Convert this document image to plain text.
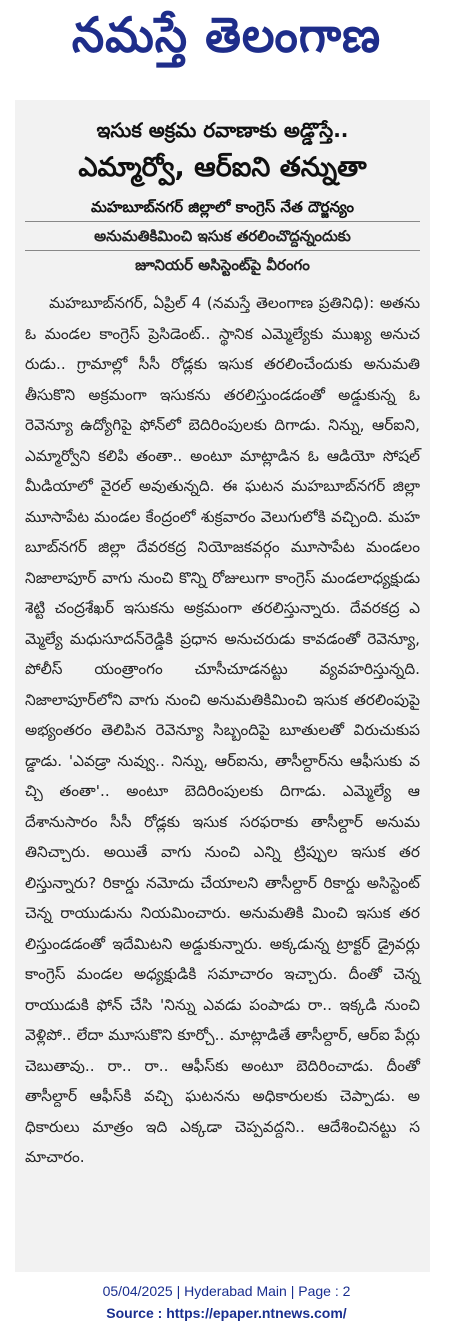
నమస్తే తెలంగాణ
ఇసుక అక్రమ రవాణాకు అడ్డొస్తే..
ఎమ్మార్వో, ఆర్ఐని తన్నుతా
మహబూబ్‌నగర్ జిల్లాలో కాంగ్రెస్ నేత దౌర్జన్యం
అనుమతికిమించి ఇసుక తరలించొద్దన్నందుకు
జూనియర్ అసిస్టెంట్‌పై వీరంగం
మహబూబ్‌నగర్, ఏప్రిల్ 4 (నమస్తే తెలంగాణ ప్రతినిధి): అతను ఓ మండల కాంగ్రెస్ ప్రెసిడెంట్.. స్థానిక ఎమ్మెల్యేకు ముఖ్య అనుచరుడు.. గ్రామాల్లో సీసీ రోడ్లకు ఇసుక తరలించేందుకు అనుమతి తీసుకొని అక్రమంగా ఇసుకను తరలిస్తుండడంతో అడ్డుకున్న ఓ రెవెన్యూ ఉద్యోగిపై ఫోన్‌లో బెదిరింపులకు దిగాడు. నిన్ను, ఆర్ఐని, ఎమ్మార్వోని కలిపి తంతా.. అంటూ మాట్లాడిన ఓ ఆడియో సోషల్ మీడియాలో వైరల్ అవుతున్నది. ఈ ఘటన మహబూబ్‌నగర్ జిల్లా మూసాపేట మండల కేంద్రంలో శుక్రవారం వెలుగులోకి వచ్చింది. మహబూబ్‌నగర్ జిల్లా దేవరకద్ర నియోజకవర్గం మూసాపేట మండలం నిజాలాపూర్ వాగు నుంచి కొన్ని రోజులుగా కాంగ్రెస్ మండలాధ్యక్షుడు శెట్టి చంద్రశేఖర్ ఇసుకను అక్రమంగా తరలిస్తున్నారు. దేవరకద్ర ఎమ్మెల్యే మధుసూదన్‌రెడ్డికి ప్రధాన అనుచరుడు కావడంతో రెవెన్యూ, పోలీస్ యంత్రాంగం చూసీచూడనట్టు వ్యవహరిస్తున్నది. నిజాలాపూర్‌లోని వాగు నుంచి అనుమతికిమించి ఇసుక తరలింపుపై అభ్యంతరం తెలిపిన రెవెన్యూ సిబ్బందిపై బూతులతో విరుచుకుపడ్డాడు. 'ఎవడ్రా నువ్వు.. నిన్ను, ఆర్ఐను, తాసీల్దార్‌ను ఆఫీసుకు వచ్చి తంతా'.. అంటూ బెదిరింపులకు దిగాడు. ఎమ్మెల్యే ఆదేశానుసారం సీసీ రోడ్లకు ఇసుక సరఫరాకు తాసీల్దార్ అనుమతినిచ్చారు. అయితే వాగు నుంచి ఎన్ని ట్రిప్పుల ఇసుక తరలిస్తున్నారు? రికార్డు నమోదు చేయాలని తాసీల్దార్ రికార్డు అసిస్టెంట్ చెన్న రాయుడును నియమించారు. అనుమతికి మించి ఇసుక తరలిస్తుండడంతో ఇదేమిటని అడ్డుకున్నారు. అక్కడున్న ట్రాక్టర్ డ్రైవర్లు కాంగ్రెస్ మండల అధ్యక్షుడికి సమాచారం ఇచ్చారు. దీంతో చెన్నరాయుడుకి ఫోన్ చేసి 'నిన్ను ఎవడు పంపాడు రా.. ఇక్కడి నుంచి వెళ్లిపో.. లేదా మూసుకొని కూర్చో.. మాట్లాడితే తాసీల్దార్, ఆర్ఐ పేర్లు చెబుతావు.. రా.. రా.. ఆఫీస్‌కు అంటూ బెదిరించాడు. దీంతో తాసీల్దార్ ఆఫీస్‌కి వచ్చి ఘటనను అధికారులకు చెప్పాడు. అధికారులు మాత్రం ఇది ఎక్కడా చెప్పవద్దని.. ఆదేశించినట్టు సమాచారం.
05/04/2025 | Hyderabad Main | Page : 2
Source : https://epaper.ntnews.com/
